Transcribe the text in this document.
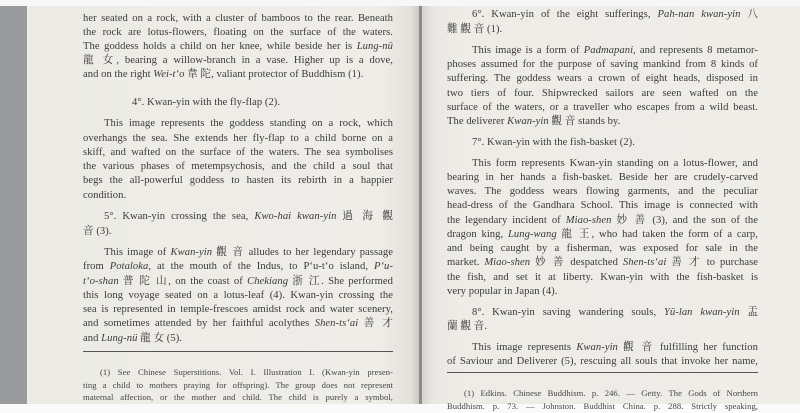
her seated on a rock, with a cluster of bamboos to the rear. Beneath
the rock are lotus-flowers, floating on the surface of the waters.
The goddess holds a child on her knee, while beside her is Lung-nü
龍 女, bearing a willow-branch in a vase. Higher up is a dove,
and on the right Wei-t‘o 韋 陀, valiant protector of Buddhism (1).
4°. Kwan-yin with the fly-flap (2).
This image represents the goddess standing on a rock, which
overhangs the sea. She extends her fly-flap to a child borne on a
skiff, and wafted on the surface of the waters. The sea symbolises
the various phases of metempsychosis, and the child a soul that
begs the all-powerful goddess to hasten its rebirth in a happier
condition.
5°. Kwan-yin crossing the sea, Kwo-hai kwan-yin 過 海 觀
音 (3).
This image of Kwan-yin 觀 音 alludes to her legendary passage
from Potaloka, at the mouth of the Indus, to P‘u-t‘o island, P‘u-
t‘o-shan 普 陀 山, on the coast of Chekiang 浙 江. She performed
this long voyage seated on a lotus-leaf (4). Kwan-yin crossing the
sea is represented in temple-frescoes amidst rock and water scenery,
and sometimes attended by her faithful acolythes Shen-ts‘ai 善 才
and Lung-nü 龍 女 (5).
(1) See Chinese Superstitions. Vol. I. Illustration I. (Kwan-yin presen-
ting a child to mothers praying for offspring). The group does not represent
maternal affection, or the mother and child. The child is purely a symbol,
6°. Kwan-yin of the eight sufferings, Pah-nan kwan-yin 八
難 觀 音 (1).
This image is a form of Padmapani, and represents 8 metamor-
phoses assumed for the purpose of saving mankind from 8 kinds of
suffering. The goddess wears a crown of eight heads, disposed in
two tiers of four. Shipwrecked sailors are seen wafted on the
surface of the waters, or a traveller who escapes from a wild beast.
The deliverer Kwan-yin 觀 音 stands by.
7°. Kwan-yin with the fish-basket (2).
This form represents Kwan-yin standing on a lotus-flower, and
bearing in her hands a fish-basket. Beside her are crudely-carved
waves. The goddess wears flowing garments, and the peculiar
head-dress of the Gandhara School. This image is connected with
the legendary incident of Miao-shen 妙 善 (3), and the son of the
dragon king, Lung-wang 龍 王, who had taken the form of a carp,
and being caught by a fisherman, was exposed for sale in the
market. Miao-shen 妙 善 despatched Shen-ts‘ai 善 才 to purchase
the fish, and set it at liberty. Kwan-yin with the fish-basket is
very popular in Japan (4).
8°. Kwan-yin saving wandering souls, Yü-lan kwan-yin 盂
蘭 觀 音.
This image represents Kwan-yin 觀 音 fulfilling her function
of Saviour and Deliverer (5), rescuing all souls that invoke her name,
(1) Edkins. Chinese Buddhism. p. 246. — Getty. The Gods of Northern
Buddhism. p. 73. — Johnston. Buddhist China. p. 288. Strictly speaking,
